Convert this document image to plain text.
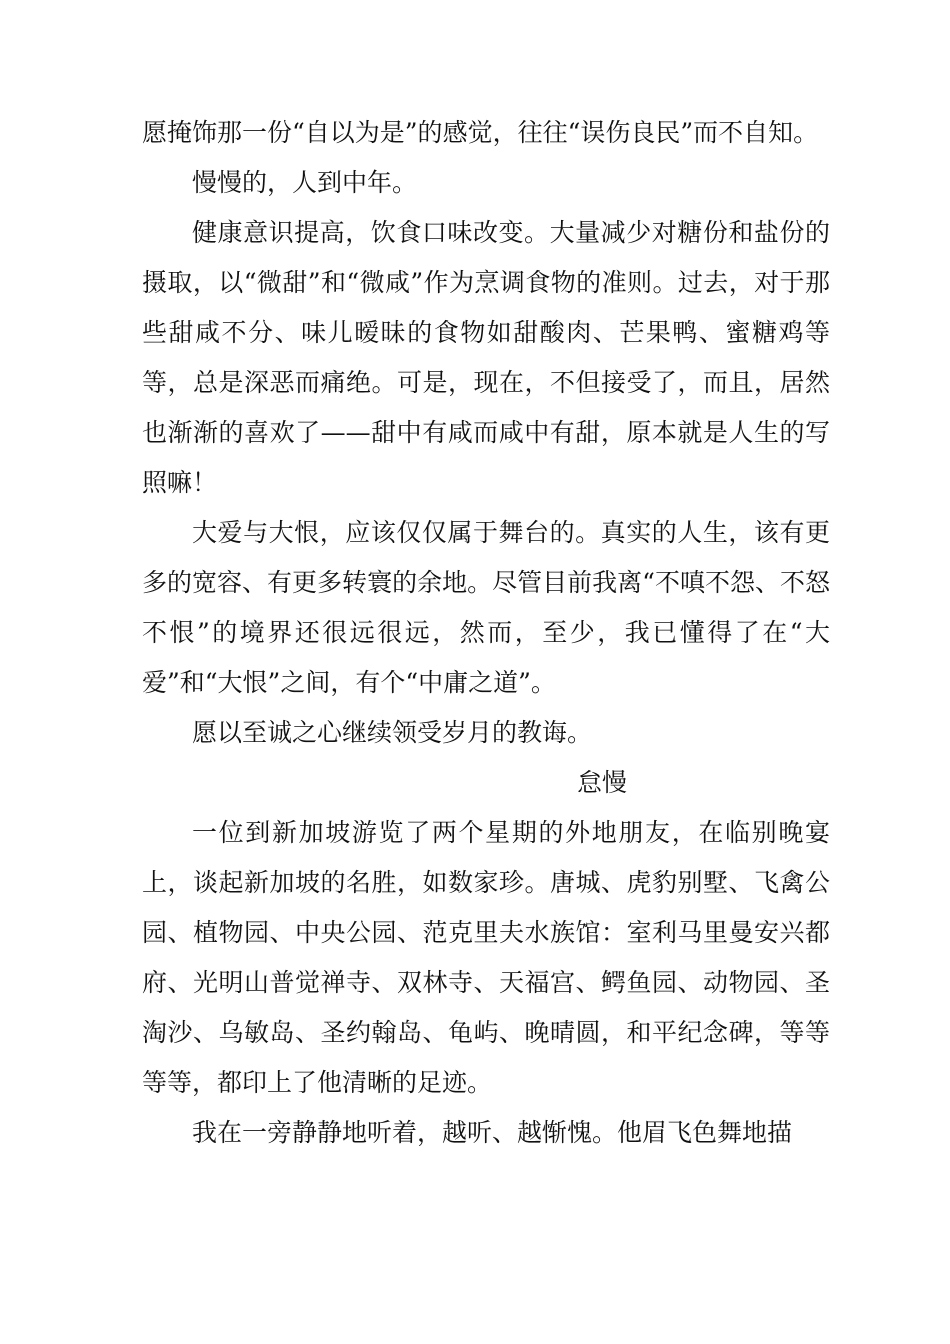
愿掩饰那一份“自以为是”的感觉，往往“误伤良民”而不自知。

慢慢的，人到中年。

健康意识提高，饮食口味改变。大量减少对糖份和盐份的摄取，以“微甜”和“微咸”作为烹调食物的准则。过去，对于那些甜咸不分、味儿暧昧的食物如甜酸肉、芒果鸭、蜜糖鸡等等，总是深恶而痛绝。可是，现在，不但接受了，而且，居然也渐渐的喜欢了——甜中有咸而咸中有甜，原本就是人生的写照嘛！

大爱与大恨，应该仅仅属于舞台的。真实的人生，该有更多的宽容、有更多转寰的余地。尽管目前我离“不嗔不怨、不怒不恨”的境界还很远很远，然而，至少，我已懂得了在“大爱”和“大恨”之间，有个“中庸之道”。

愿以至诚之心继续领受岁月的教诲。

怠慢

一位到新加坡游览了两个星期的外地朋友，在临别晚宴上，谈起新加坡的名胜，如数家珍。唐城、虎豹别墅、飞禽公园、植物园、中央公园、范克里夫水族馆：室利马里曼安兴都府、光明山普觉禅寺、双林寺、天福宫、鳄鱼园、动物园、圣淘沙、乌敏岛、圣约翰岛、龟屿、晚晴圆，和平纪念碑，等等等等，都印上了他清晰的足迹。

我在一旁静静地听着，越听、越惭愧。他眉飞色舞地描
